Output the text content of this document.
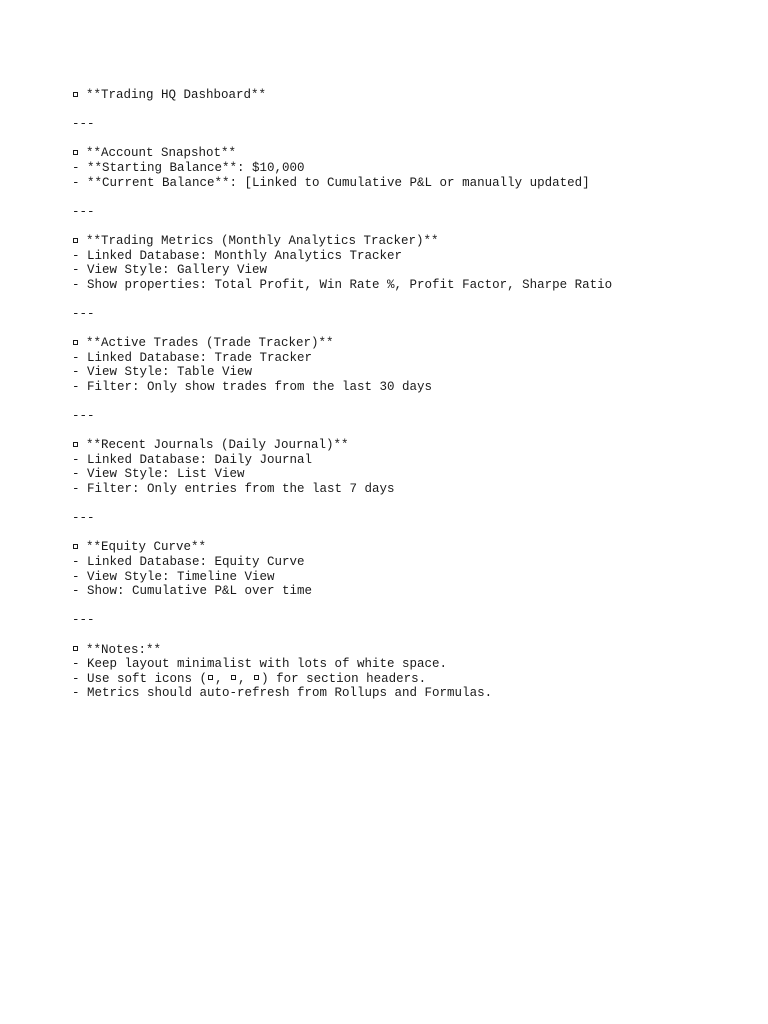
**Trading HQ Dashboard**
---
**Account Snapshot**
- **Starting Balance**: $10,000
- **Current Balance**: [Linked to Cumulative P&L or manually updated]
---
**Trading Metrics (Monthly Analytics Tracker)**
- Linked Database: Monthly Analytics Tracker
- View Style: Gallery View
- Show properties: Total Profit, Win Rate %, Profit Factor, Sharpe Ratio
---
**Active Trades (Trade Tracker)**
- Linked Database: Trade Tracker
- View Style: Table View
- Filter: Only show trades from the last 30 days
---
**Recent Journals (Daily Journal)**
- Linked Database: Daily Journal
- View Style: List View
- Filter: Only entries from the last 7 days
---
**Equity Curve**
- Linked Database: Equity Curve
- View Style: Timeline View
- Show: Cumulative P&L over time
---
**Notes:**
- Keep layout minimalist with lots of white space.
- Use soft icons ( , , ) for section headers.
- Metrics should auto-refresh from Rollups and Formulas.
